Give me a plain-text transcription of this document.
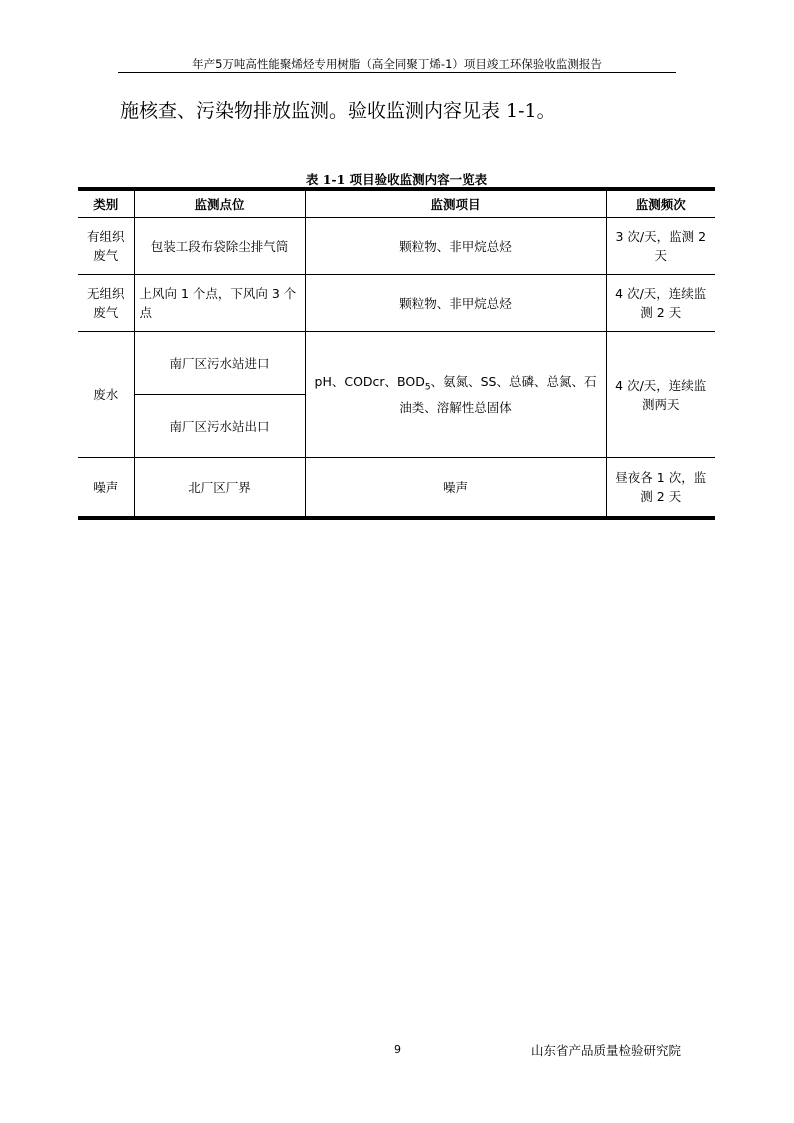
年产5万吨高性能聚烯烃专用树脂（高全同聚丁烯-1）项目竣工环保验收监测报告
施核查、污染物排放监测。验收监测内容见表 1-1。
表 1-1 项目验收监测内容一览表
类别	监测点位	监测项目	监测频次
有组织废气	包装工段布袋除尘排气筒	颗粒物、非甲烷总烃	3 次/天，监测 2 天
无组织废气	上风向 1 个点，下风向 3 个点	颗粒物、非甲烷总烃	4 次/天，连续监测 2 天
废水	南厂区污水站进口	pH、CODcr、$BOD_5$、氨氮、SS、总磷、总氮、石油类、溶解性总固体	4 次/天，连续监测两天
	南厂区污水站出口		
噪声	北厂区厂界	噪声	昼夜各 1 次，监测 2 天
9	山东省产品质量检验研究院
